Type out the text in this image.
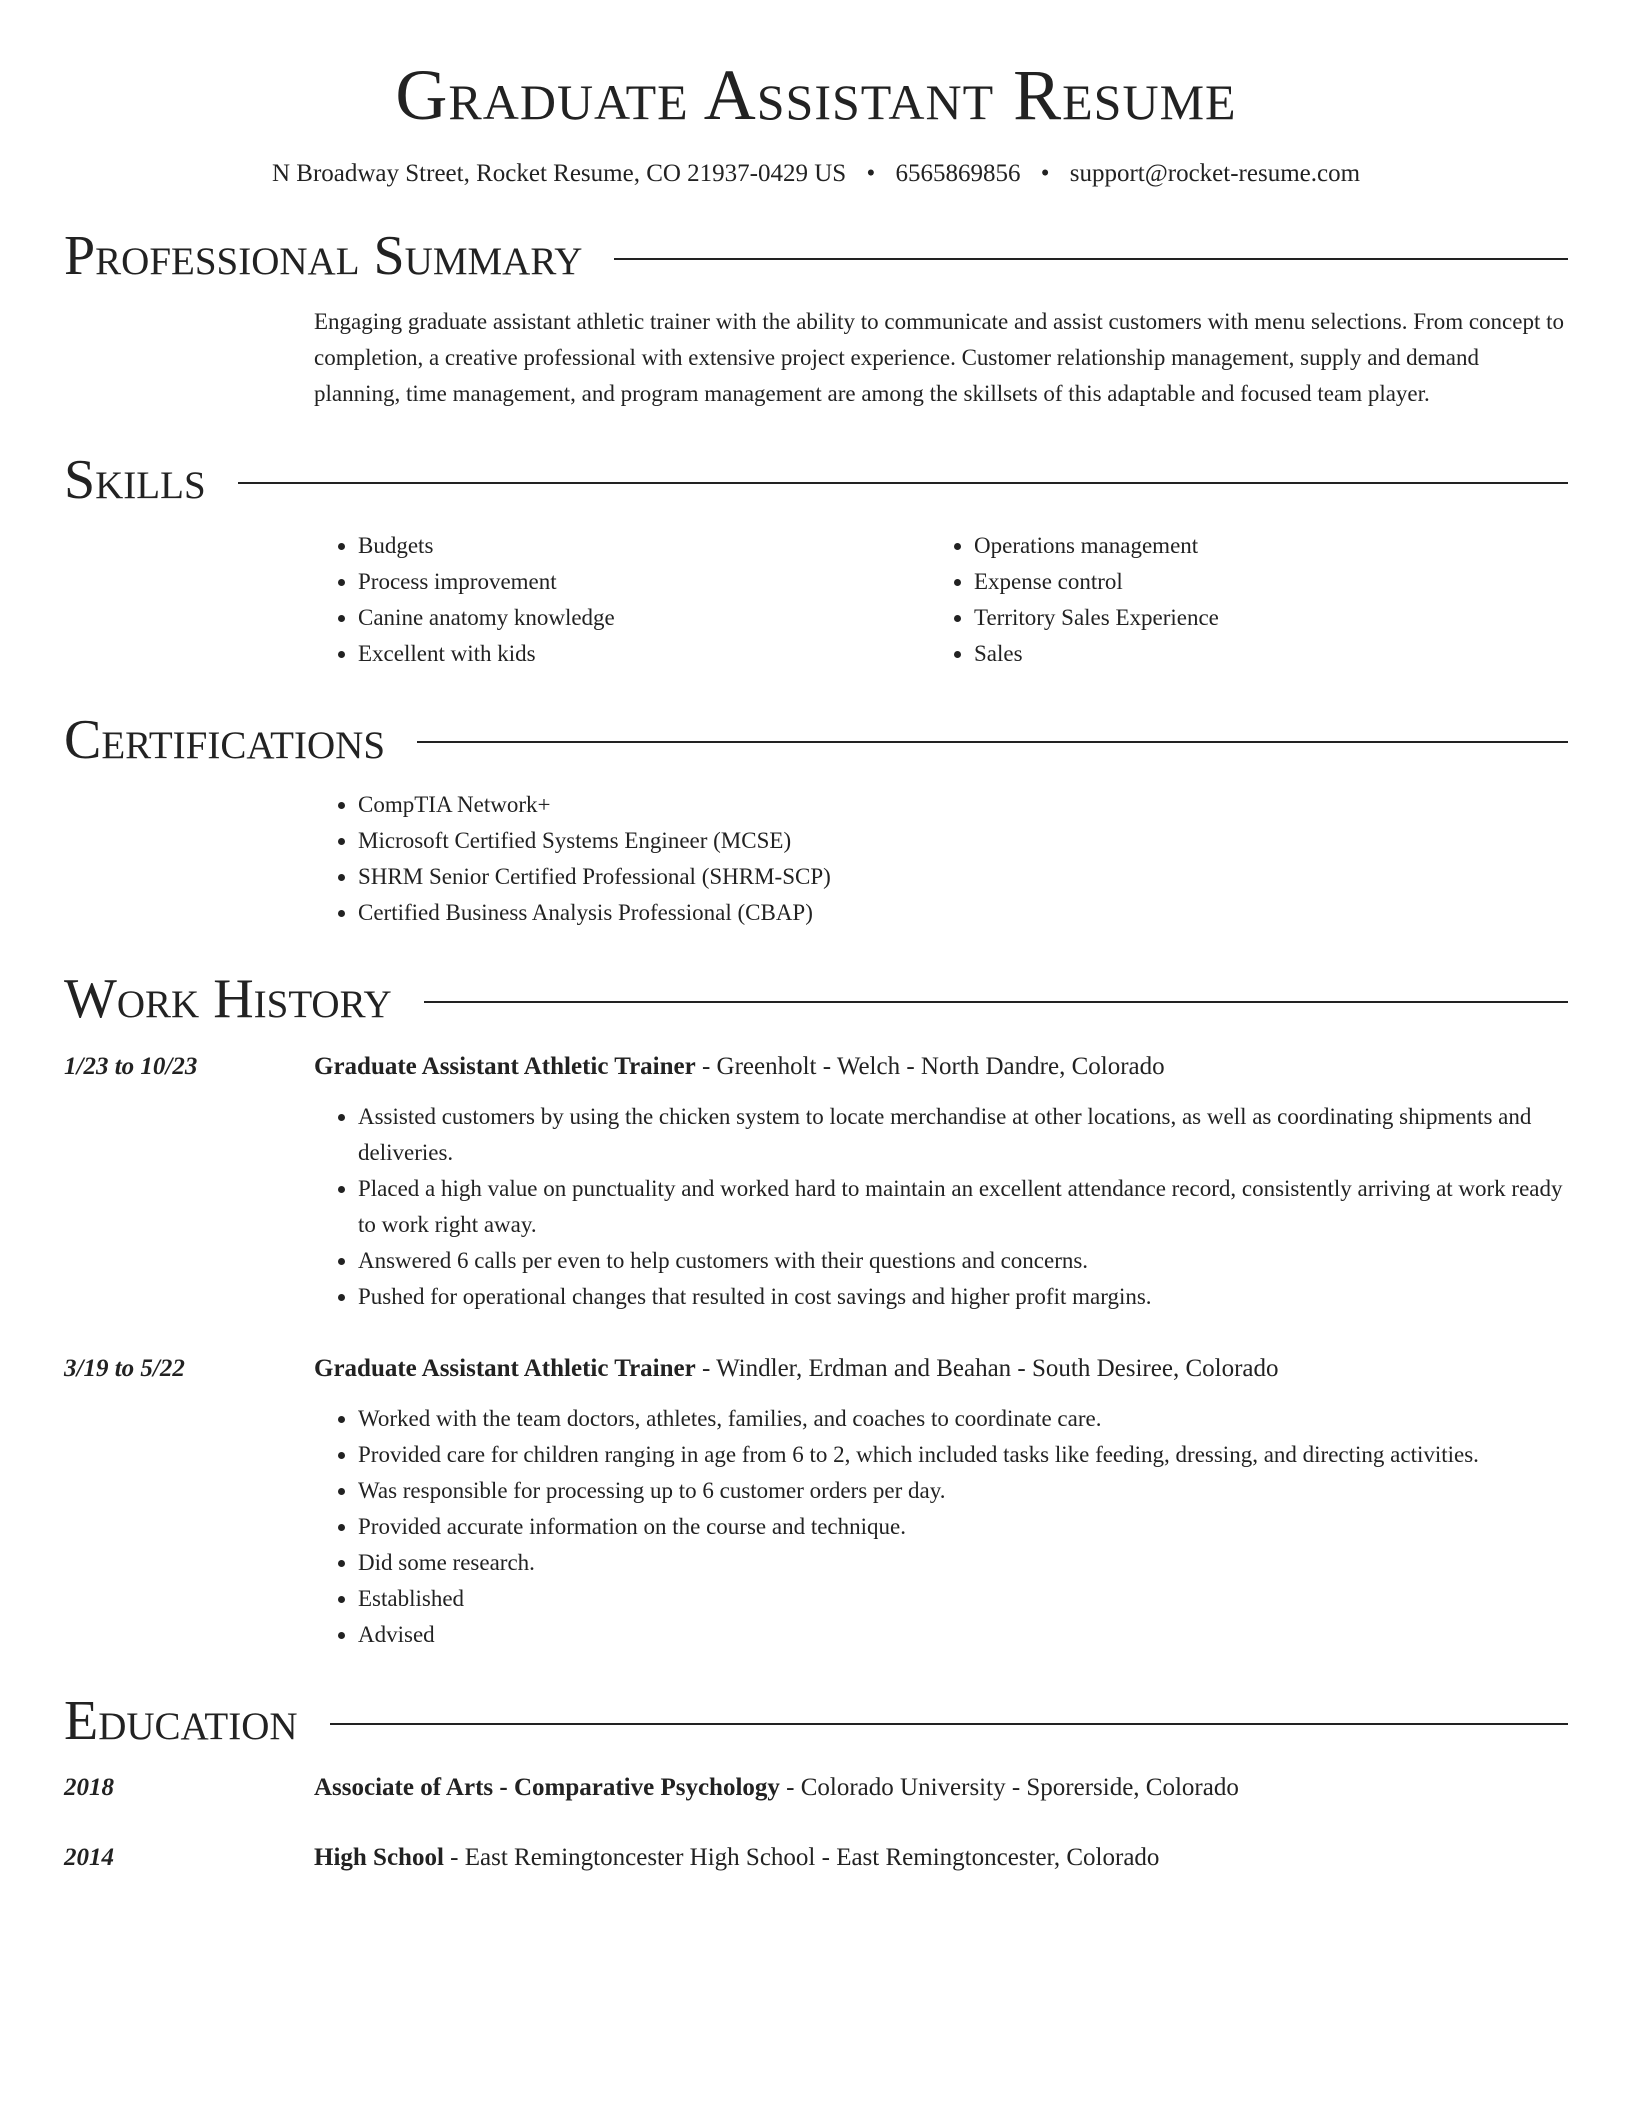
Graduate Assistant Resume
N Broadway Street, Rocket Resume, CO 21937-0429 US • 6565869856 • support@rocket-resume.com
Professional Summary

Engaging graduate assistant athletic trainer with the ability to communicate and assist customers with menu selections. From concept to completion, a creative professional with extensive project experience. Customer relationship management, supply and demand planning, time management, and program management are among the skillsets of this adaptable and focused team player.

Skills
• Budgets
• Process improvement
• Canine anatomy knowledge
• Excellent with kids
• Operations management
• Expense control
• Territory Sales Experience
• Sales
Certifications
• CompTIA Network+
• Microsoft Certified Systems Engineer (MCSE)
• SHRM Senior Certified Professional (SHRM-SCP)
• Certified Business Analysis Professional (CBAP)
Work History
1/23 to 10/23	Graduate Assistant Athletic Trainer - Greenholt - Welch - North Dandre, Colorado
• Assisted customers by using the chicken system to locate merchandise at other locations, as well as coordinating shipments and deliveries.
• Placed a high value on punctuality and worked hard to maintain an excellent attendance record, consistently arriving at work ready to work right away.
• Answered 6 calls per even to help customers with their questions and concerns.
• Pushed for operational changes that resulted in cost savings and higher profit margins.
3/19 to 5/22	Graduate Assistant Athletic Trainer - Windler, Erdman and Beahan - South Desiree, Colorado
• Worked with the team doctors, athletes, families, and coaches to coordinate care.
• Provided care for children ranging in age from 6 to 2, which included tasks like feeding, dressing, and directing activities.
• Was responsible for processing up to 6 customer orders per day.
• Provided accurate information on the course and technique.
• Did some research.
• Established
• Advised
Education
2018	Associate of Arts - Comparative Psychology - Colorado University - Sporerside, Colorado
2014	High School - East Remingtoncester High School - East Remingtoncester, Colorado
